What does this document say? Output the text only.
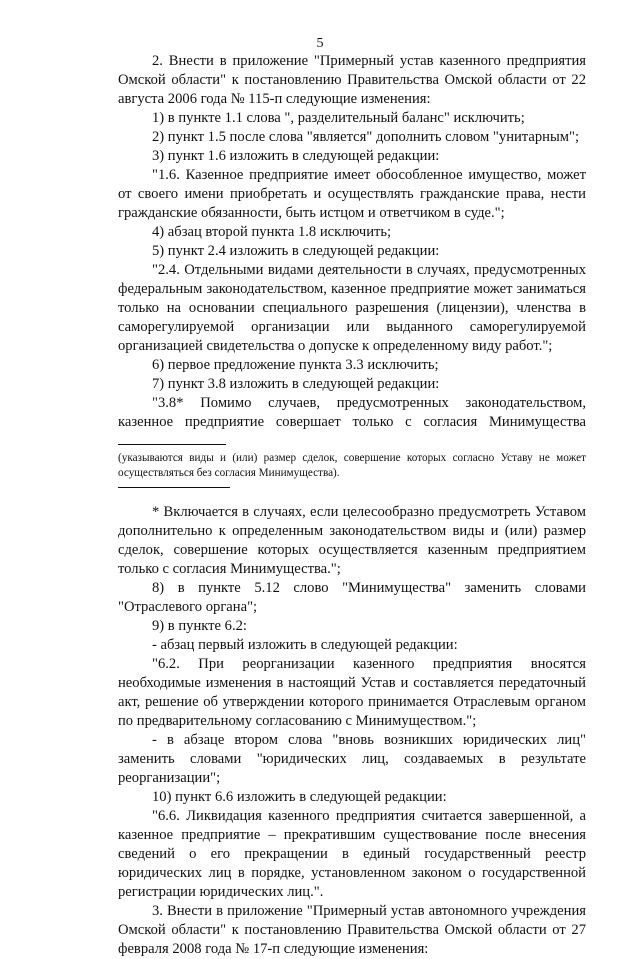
5

2. Внести в приложение "Примерный устав казенного предприятия Омской области" к постановлению Правительства Омской области от 22 августа 2006 года № 115-п следующие изменения:

1) в пункте 1.1 слова ", разделительный баланс" исключить;

2) пункт 1.5 после слова "является" дополнить словом "унитарным";

3) пункт 1.6 изложить в следующей редакции:

"1.6. Казенное предприятие имеет обособленное имущество, может от своего имени приобретать и осуществлять гражданские права, нести гражданские обязанности, быть истцом и ответчиком в суде.";

4) абзац второй пункта 1.8 исключить;

5) пункт 2.4 изложить в следующей редакции:

"2.4. Отдельными видами деятельности в случаях, предусмотренных федеральным законодательством, казенное предприятие может заниматься только на основании специального разрешения (лицензии), членства в саморегулируемой организации или выданного саморегулируемой организацией свидетельства о допуске к определенному виду работ.";

6) первое предложение пункта 3.3 исключить;

7) пункт 3.8 изложить в следующей редакции:

"3.8* Помимо случаев, предусмотренных законодательством, казенное предприятие совершает только с согласия Минимущества

(указываются виды и (или) размер сделок, совершение которых согласно Уставу не может осуществляться без согласия Минимущества).

* Включается в случаях, если целесообразно предусмотреть Уставом дополнительно к определенным законодательством виды и (или) размер сделок, совершение которых осуществляется казенным предприятием только с согласия Минимущества.";

8) в пункте 5.12 слово "Минимущества" заменить словами "Отраслевого органа";

9) в пункте 6.2:

- абзац первый изложить в следующей редакции:

"6.2. При реорганизации казенного предприятия вносятся необходимые изменения в настоящий Устав и составляется передаточный акт, решение об утверждении которого принимается Отраслевым органом по предварительному согласованию с Минимуществом.";

- в абзаце втором слова "вновь возникших юридических лиц" заменить словами "юридических лиц, создаваемых в результате реорганизации";

10) пункт 6.6 изложить в следующей редакции:

"6.6. Ликвидация казенного предприятия считается завершенной, а казенное предприятие – прекратившим существование после внесения сведений о его прекращении в единый государственный реестр юридических лиц в порядке, установленном законом о государственной регистрации юридических лиц.".

3. Внести в приложение "Примерный устав автономного учреждения Омской области" к постановлению Правительства Омской области от 27 февраля 2008 года № 17-п следующие изменения:
